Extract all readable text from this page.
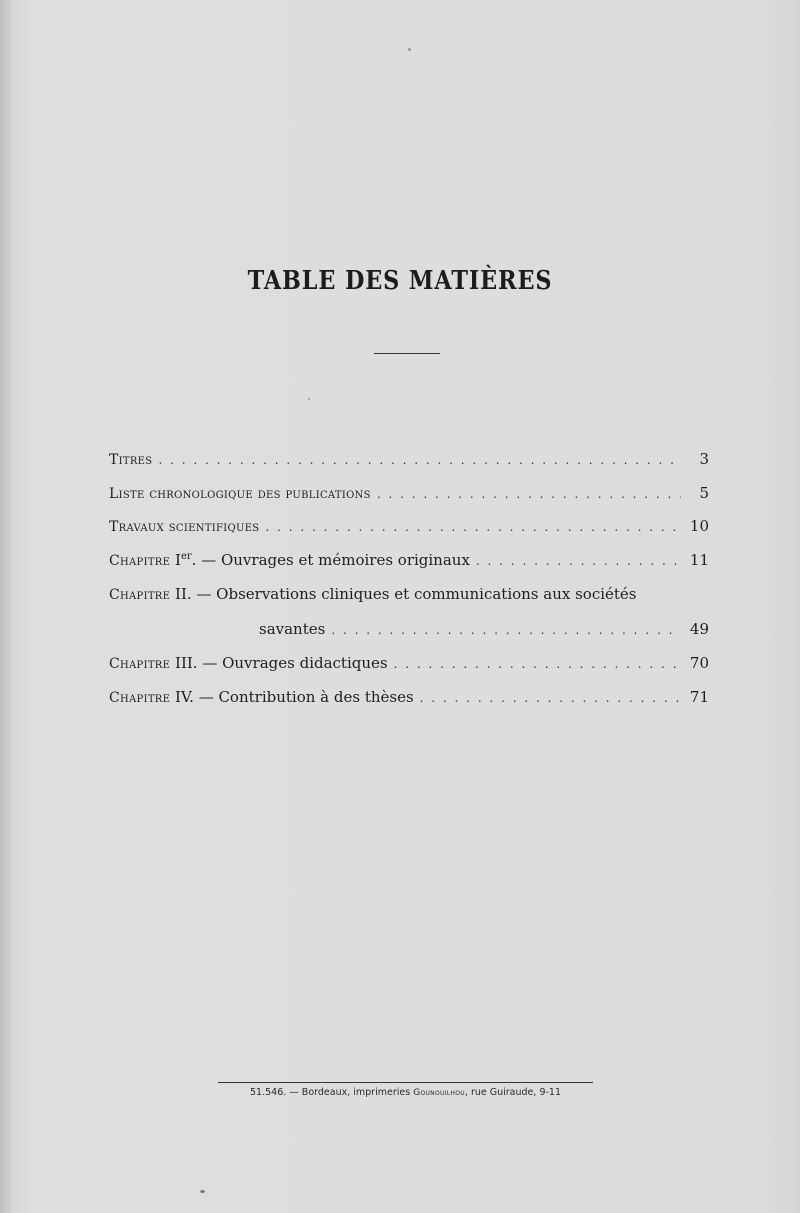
TABLE DES MATIÈRES
Titres . . .	3
Liste chronologique des publications . . .	5
Travaux scientifiques . . .	10
Chapitre Ier. — Ouvrages et mémoires originaux . . .	11
Chapitre II. — Observations cliniques et communications aux sociétés
savantes . . .	49
Chapitre III. — Ouvrages didactiques . . .	70
Chapitre IV. — Contribution à des thèses . . .	71
51.546. — Bordeaux, imprimeries Gounouilhou, rue Guiraude, 9-11
